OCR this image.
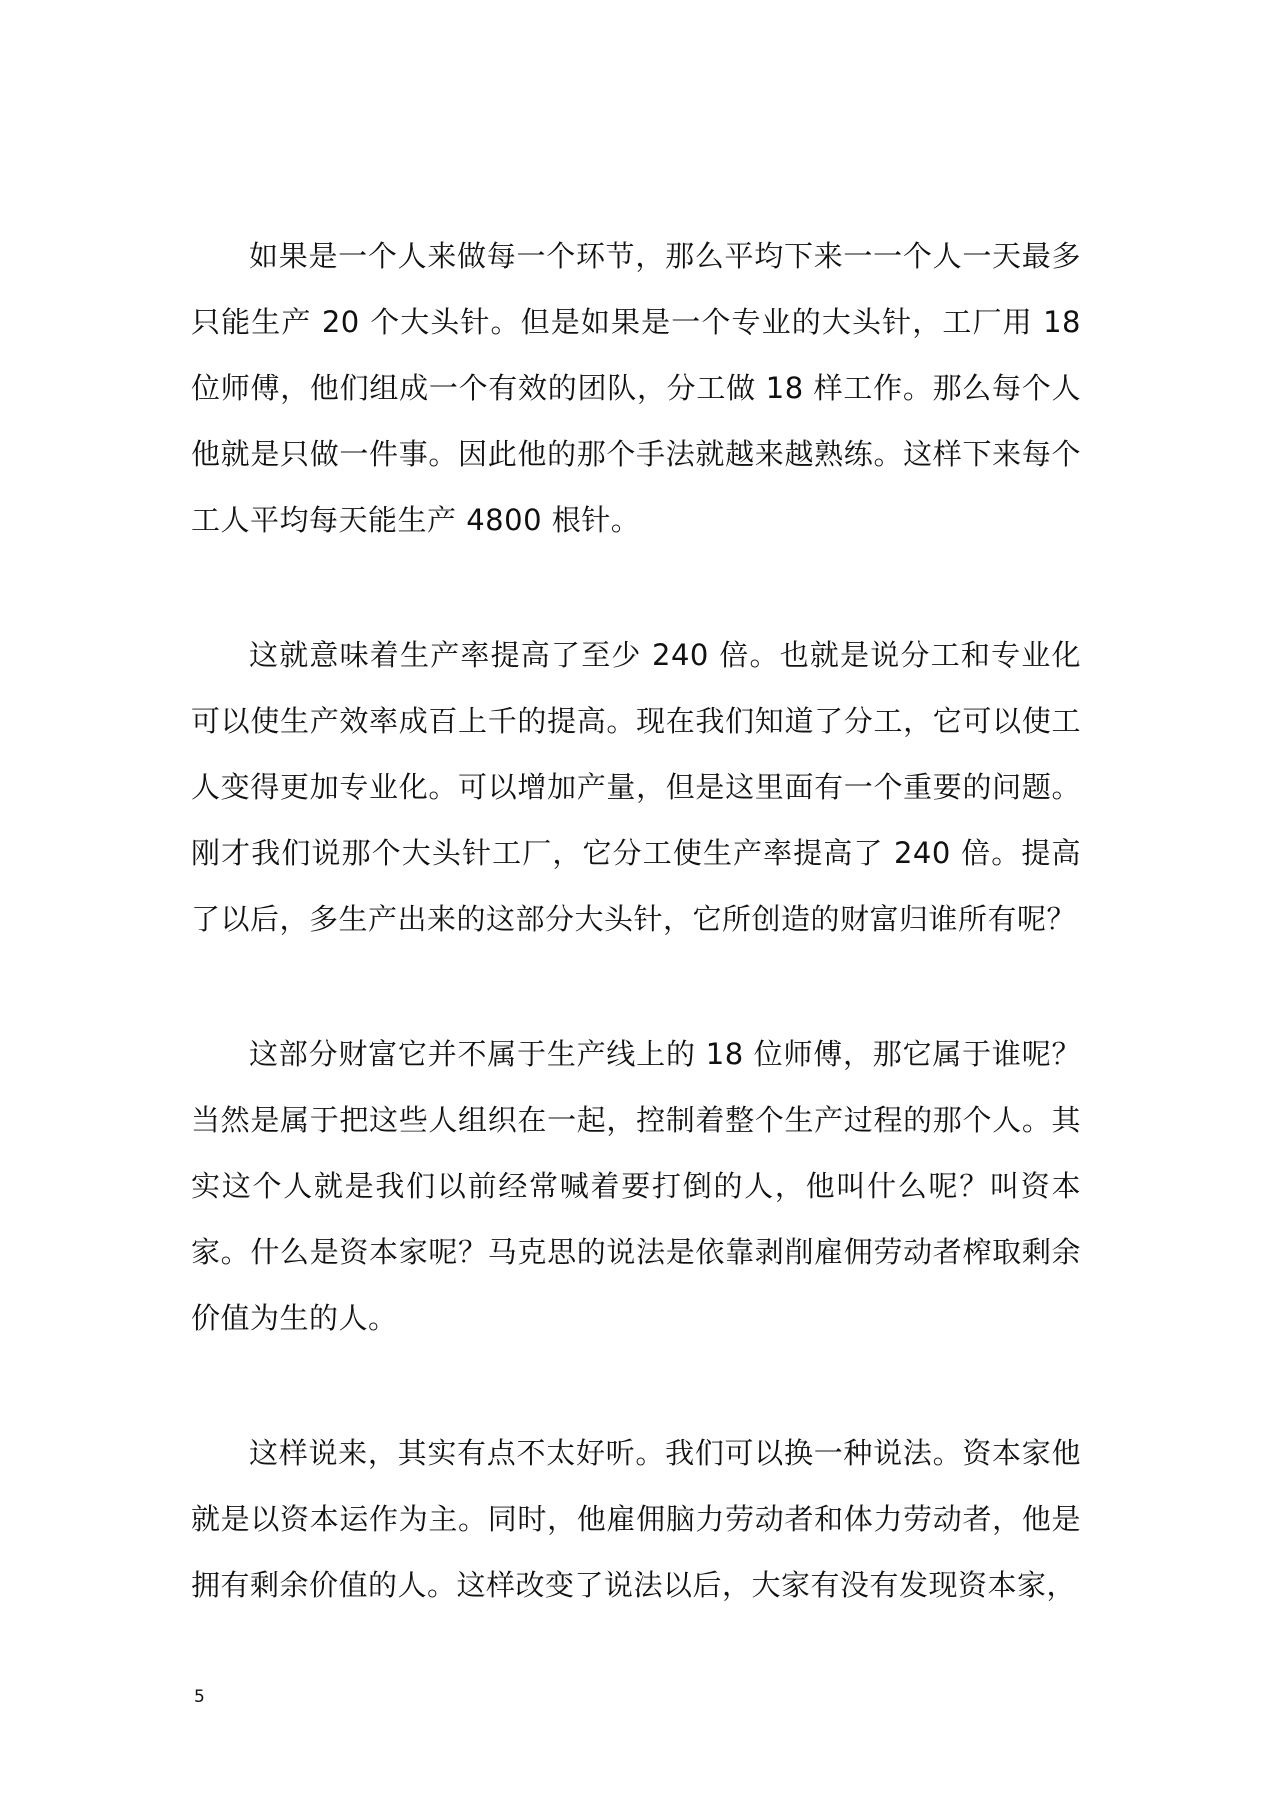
如果是一个人来做每一个环节，那么平均下来一一个人一天最多只能生产 20 个大头针。但是如果是一个专业的大头针，工厂用 18 位师傅，他们组成一个有效的团队，分工做 18 样工作。那么每个人他就是只做一件事。因此他的那个手法就越来越熟练。这样下来每个工人平均每天能生产 4800 根针。

这就意味着生产率提高了至少 240 倍。也就是说分工和专业化可以使生产效率成百上千的提高。现在我们知道了分工，它可以使工人变得更加专业化。可以增加产量，但是这里面有一个重要的问题。刚才我们说那个大头针工厂，它分工使生产率提高了 240 倍。提高了以后，多生产出来的这部分大头针，它所创造的财富归谁所有呢？

这部分财富它并不属于生产线上的 18 位师傅，那它属于谁呢？当然是属于把这些人组织在一起，控制着整个生产过程的那个人。其实这个人就是我们以前经常喊着要打倒的人，他叫什么呢？叫资本家。什么是资本家呢？马克思的说法是依靠剥削雇佣劳动者榨取剩余价值为生的人。

这样说来，其实有点不太好听。我们可以换一种说法。资本家他就是以资本运作为主。同时，他雇佣脑力劳动者和体力劳动者，他是拥有剩余价值的人。这样改变了说法以后，大家有没有发现资本家，

5
